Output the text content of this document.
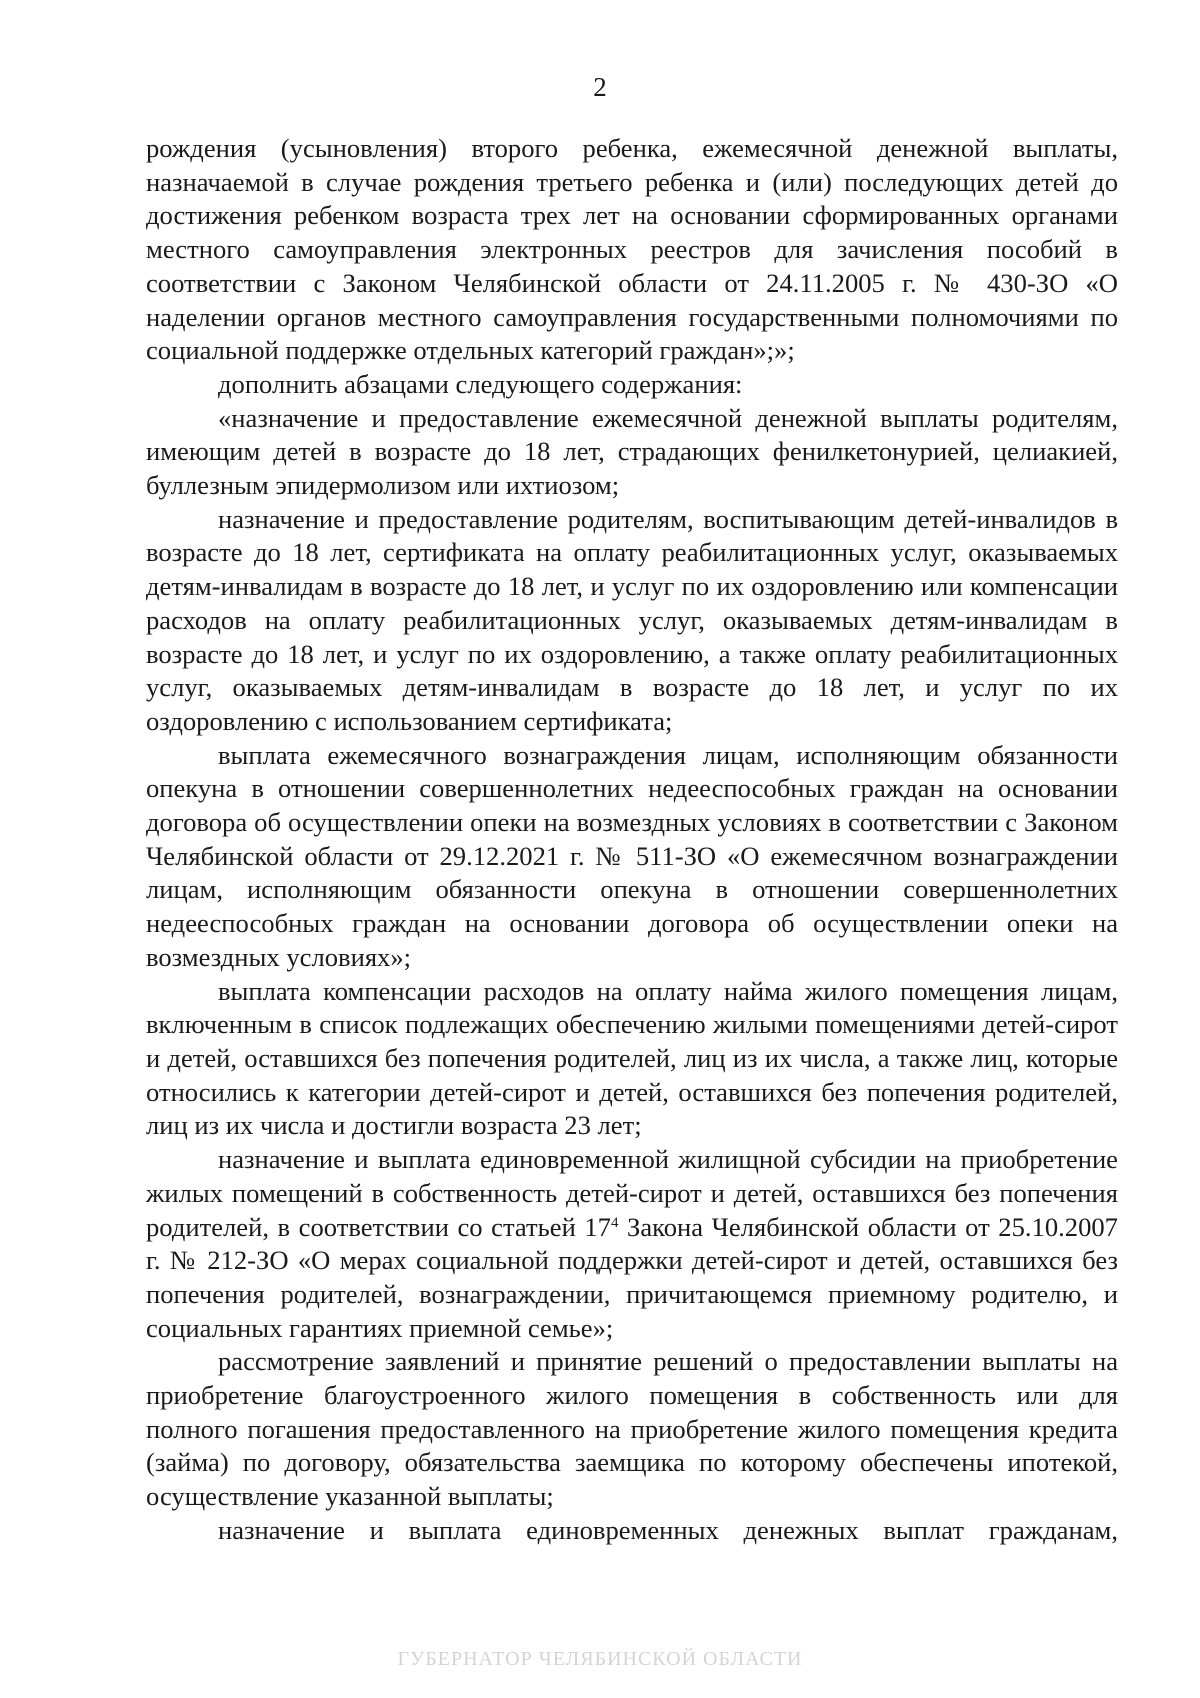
2

рождения (усыновления) второго ребенка, ежемесячной денежной выплаты, назначаемой в случае рождения третьего ребенка и (или) последующих детей до достижения ребенком возраста трех лет на основании сформированных органами местного самоуправления электронных реестров для зачисления пособий в соответствии с Законом Челябинской области от 24.11.2005 г. № 430-ЗО «О наделении органов местного самоуправления государственными полномочиями по социальной поддержке отдельных категорий граждан»;»;

дополнить абзацами следующего содержания:

«назначение и предоставление ежемесячной денежной выплаты родителям, имеющим детей в возрасте до 18 лет, страдающих фенилкетонурией, целиакией, буллезным эпидермолизом или ихтиозом;

назначение и предоставление родителям, воспитывающим детей-инвалидов в возрасте до 18 лет, сертификата на оплату реабилитационных услуг, оказываемых детям-инвалидам в возрасте до 18 лет, и услуг по их оздоровлению или компенсации расходов на оплату реабилитационных услуг, оказываемых детям-инвалидам в возрасте до 18 лет, и услуг по их оздоровлению, а также оплату реабилитационных услуг, оказываемых детям-инвалидам в возрасте до 18 лет, и услуг по их оздоровлению с использованием сертификата;

выплата ежемесячного вознаграждения лицам, исполняющим обязанности опекуна в отношении совершеннолетних недееспособных граждан на основании договора об осуществлении опеки на возмездных условиях в соответствии с Законом Челябинской области от 29.12.2021 г. № 511-ЗО «О ежемесячном вознаграждении лицам, исполняющим обязанности опекуна в отношении совершеннолетних недееспособных граждан на основании договора об осуществлении опеки на возмездных условиях»;

выплата компенсации расходов на оплату найма жилого помещения лицам, включенным в список подлежащих обеспечению жилыми помещениями детей-сирот и детей, оставшихся без попечения родителей, лиц из их числа, а также лиц, которые относились к категории детей-сирот и детей, оставшихся без попечения родителей, лиц из их числа и достигли возраста 23 лет;

назначение и выплата единовременной жилищной субсидии на приобретение жилых помещений в собственность детей-сирот и детей, оставшихся без попечения родителей, в соответствии со статьей $17^4$ Закона Челябинской области от 25.10.2007 г. № 212-ЗО «О мерах социальной поддержки детей-сирот и детей, оставшихся без попечения родителей, вознаграждении, причитающемся приемному родителю, и социальных гарантиях приемной семье»;

рассмотрение заявлений и принятие решений о предоставлении выплаты на приобретение благоустроенного жилого помещения в собственность или для полного погашения предоставленного на приобретение жилого помещения кредита (займа) по договору, обязательства заемщика по которому обеспечены ипотекой, осуществление указанной выплаты;

назначение и выплата единовременных денежных выплат гражданам,

ГУБЕРНАТОР ЧЕЛЯБИНСКОЙ ОБЛАСТИ
